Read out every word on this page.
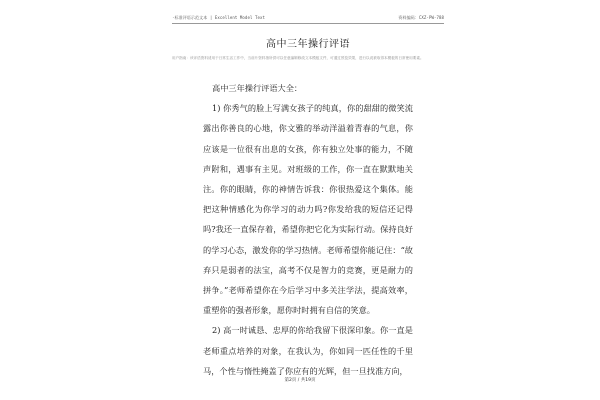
·标准评语示范文本 | Excellent Model Text	资料编码：CXZ-PW-788
高中三年操行评语
用户指南：该评语资料适用于日常生活工作中，当前片资料指所供可以任意编辑修改文本模板文件，可通过预览效果，进行以说被取得本模板的日常使用要素。

高中三年操行评语大全：

1) 你秀气的脸上写满女孩子的纯真，你的甜甜的微笑流露出你善良的心地，你文雅的举动洋溢着青春的气息，你应该是一位很有出息的女孩，你有独立处事的能力，不随声附和，遇事有主见。对班级的工作，你一直在默默地关注。你的眼睛，你的神情告诉我：你很热爱这个集体。能把这种情感化为你学习的动力吗?你发给我的短信还记得吗?我还一直保存着，希望你把它化为实际行动。保持良好的学习心态，激发你的学习热情。老师希望你能记住：“故弃只是弱者的法宝，高考不仅是智力的竞赛，更是耐力的拼争。”老师希望你在今后学习中多关注学法，提高效率，重塑你的强者形象，愿你时时拥有自信的笑意。

2) 高一时诚恳、忠厚的你给我留下很深印象。你一直是老师重点培养的对象，在我认为，你如同一匹任性的千里马，个性与惰性掩盖了你应有的光辉，但一旦找准方向，

第2页 / 共19页
